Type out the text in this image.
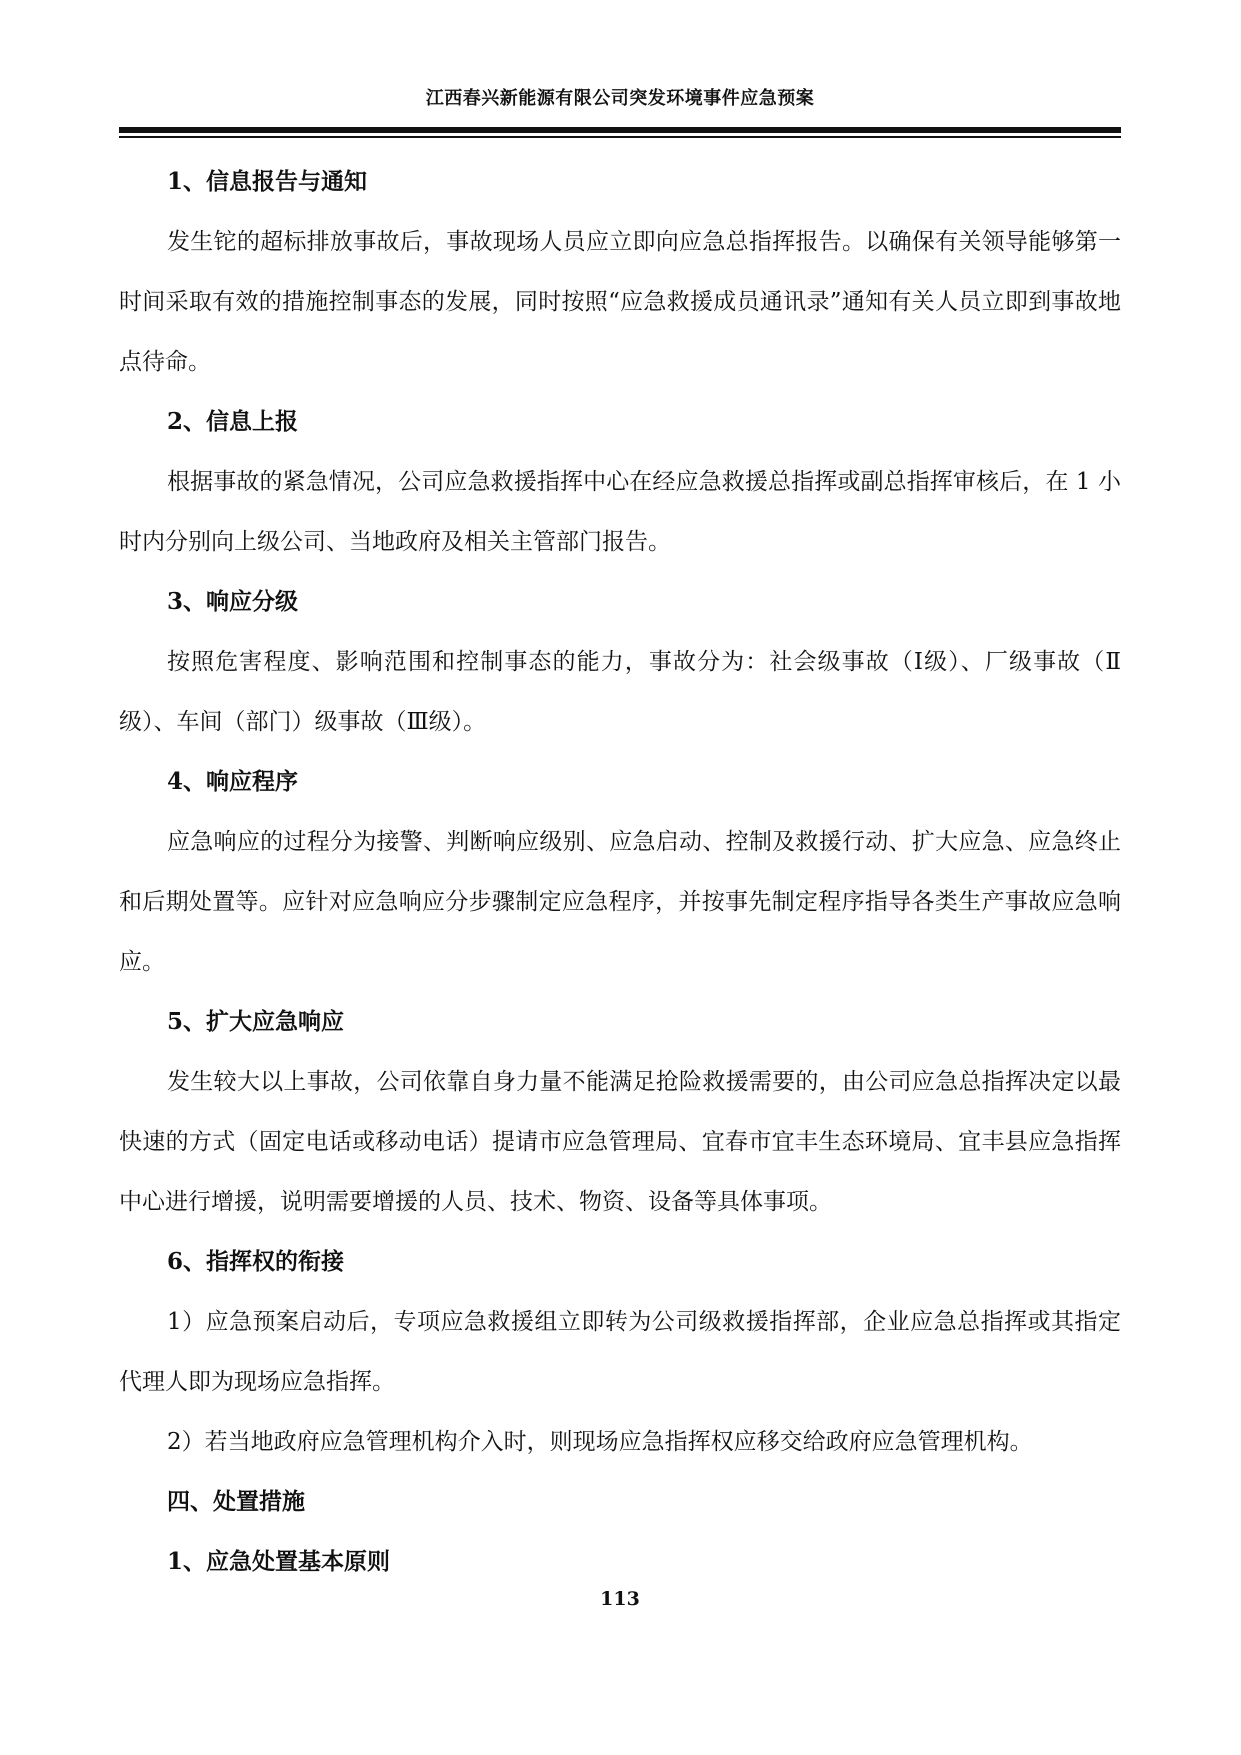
江西春兴新能源有限公司突发环境事件应急预案

1、信息报告与通知

发生铊的超标排放事故后，事故现场人员应立即向应急总指挥报告。以确保有关领导能够第一时间采取有效的措施控制事态的发展，同时按照“应急救援成员通讯录”通知有关人员立即到事故地点待命。

2、信息上报

根据事故的紧急情况，公司应急救援指挥中心在经应急救援总指挥或副总指挥审核后，在 1 小时内分别向上级公司、当地政府及相关主管部门报告。

3、响应分级

按照危害程度、影响范围和控制事态的能力，事故分为：社会级事故（Ⅰ级）、厂级事故（Ⅱ级）、车间（部门）级事故（Ⅲ级）。

4、响应程序

应急响应的过程分为接警、判断响应级别、应急启动、控制及救援行动、扩大应急、应急终止和后期处置等。应针对应急响应分步骤制定应急程序，并按事先制定程序指导各类生产事故应急响应。

5、扩大应急响应

发生较大以上事故，公司依靠自身力量不能满足抢险救援需要的，由公司应急总指挥决定以最快速的方式（固定电话或移动电话）提请市应急管理局、宜春市宜丰生态环境局、宜丰县应急指挥中心进行增援，说明需要增援的人员、技术、物资、设备等具体事项。

6、指挥权的衔接

1）应急预案启动后，专项应急救援组立即转为公司级救援指挥部，企业应急总指挥或其指定代理人即为现场应急指挥。

2）若当地政府应急管理机构介入时，则现场应急指挥权应移交给政府应急管理机构。

四、处置措施

1、应急处置基本原则

113
